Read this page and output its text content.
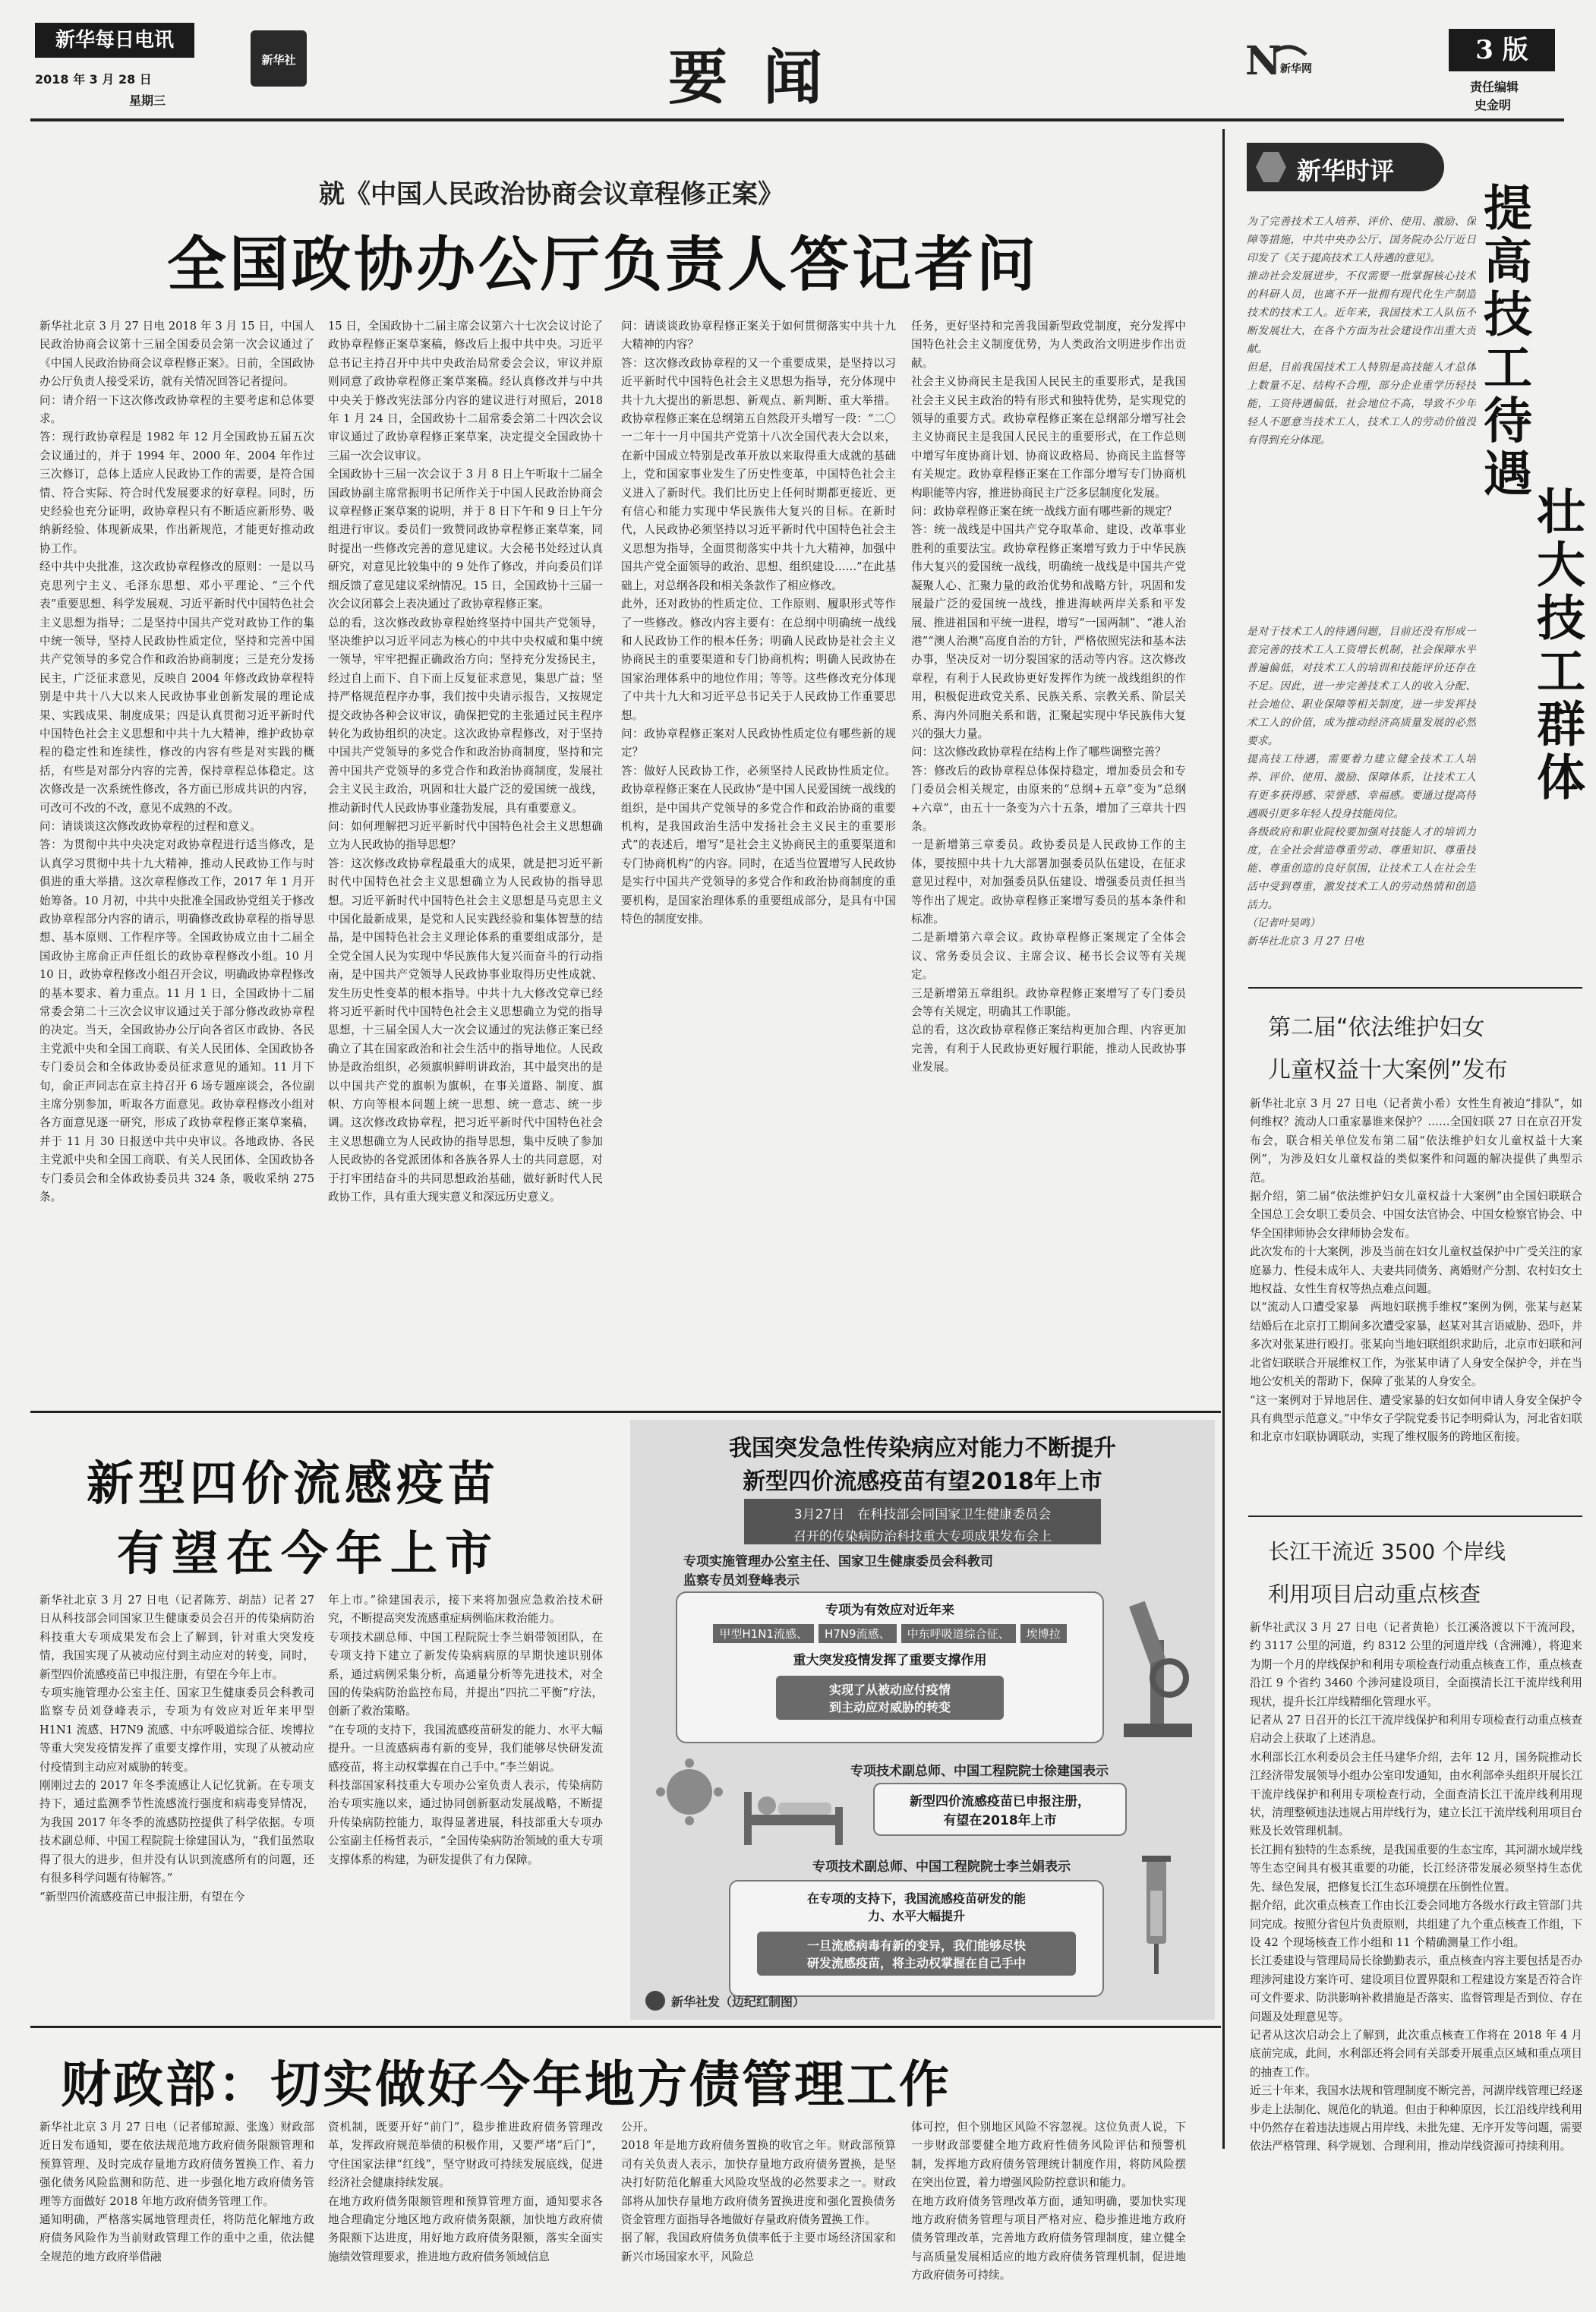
新华每日电讯
2018 年 3 月 28 日
星期三
新华社	要 闻	N
新华网
3 版
责任编辑
史金明
就《中国人民政治协商会议章程修正案》
全国政协办公厅负责人答记者问
新华社北京 3 月 27 日电 2018 年 3 月 15 日，中国人民政治协商会议第十三届全国委员会第一次会议通过了《中国人民政治协商会议章程修正案》。日前，全国政协办公厅负责人接受采访，就有关情况回答记者提问。
问：请介绍一下这次修改政协章程的主要考虑和总体要求。
答：现行政协章程是 1982 年 12 月全国政协五届五次会议通过的，并于 1994 年、2000 年、2004 年作过三次修订，总体上适应人民政协工作的需要，是符合国情、符合实际、符合时代发展要求的好章程。同时，历史经验也充分证明，政协章程只有不断适应新形势、吸纳新经验、体现新成果，作出新规范，才能更好推动政协工作。
经中共中央批准，这次政协章程修改的原则：一是以马克思列宁主义、毛泽东思想、邓小平理论、“三个代表”重要思想、科学发展观、习近平新时代中国特色社会主义思想为指导；二是坚持中国共产党对政协工作的集中统一领导，坚持人民政协性质定位，坚持和完善中国共产党领导的多党合作和政治协商制度；三是充分发扬民主，广泛征求意见，反映自 2004 年修改政协章程特别是中共十八大以来人民政协事业创新发展的理论成果、实践成果、制度成果；四是认真贯彻习近平新时代中国特色社会主义思想和中共十九大精神，维护政协章程的稳定性和连续性，修改的内容有些是对实践的概括，有些是对部分内容的完善，保持章程总体稳定。这次修改是一次系统性修改，各方面已形成共识的内容，可改可不改的不改，意见不成熟的不改。
问：请谈谈这次修改政协章程的过程和意义。
答：为贯彻中共中央决定对政协章程进行适当修改，是认真学习贯彻中共十九大精神，推动人民政协工作与时俱进的重大举措。这次章程修改工作，2017 年 1 月开始筹备。10 月初，中共中央批准全国政协党组关于修改政协章程部分内容的请示，明确修改政协章程的指导思想、基本原则、工作程序等。全国政协成立由十二届全国政协主席俞正声任组长的政协章程修改小组。10 月 10 日，政协章程修改小组召开会议，明确政协章程修改的基本要求、着力重点。11 月 1 日，全国政协十二届常委会第二十三次会议审议通过关于部分修改政协章程的决定。当天，全国政协办公厅向各省区市政协、各民主党派中央和全国工商联、有关人民团体、全国政协各专门委员会和全体政协委员征求意见的通知。11 月下旬，俞正声同志在京主持召开 6 场专题座谈会，各位副主席分别参加，听取各方面意见。政协章程修改小组对各方面意见逐一研究，形成了政协章程修正案草案稿，并于 11 月 30 日报送中共中央审议。各地政协、各民主党派中央和全国工商联、有关人民团体、全国政协各专门委员会和全体政协委员共 324 条，吸收采纳 275 条。
15 日，全国政协十二届主席会议第六十七次会议讨论了政协章程修正案草案稿，修改后上报中共中央。习近平总书记主持召开中共中央政治局常委会会议，审议并原则同意了政协章程修正案草案稿。经认真修改并与中共中央关于修改宪法部分内容的建议进行对照后，2018 年 1 月 24 日，全国政协十二届常委会第二十四次会议审议通过了政协章程修正案草案，决定提交全国政协十三届一次会议审议。
全国政协十三届一次会议于 3 月 8 日上午听取十二届全国政协副主席常振明书记所作关于中国人民政治协商会议章程修正案草案的说明，并于 8 日下午和 9 日上午分组进行审议。委员们一致赞同政协章程修正案草案，同时提出一些修改完善的意见建议。大会秘书处经过认真研究，对意见比较集中的 9 处作了修改，并向委员们详细反馈了意见建议采纳情况。15 日，全国政协十三届一次会议闭幕会上表决通过了政协章程修正案。
总的看，这次修改政协章程始终坚持中国共产党领导，坚决维护以习近平同志为核心的中共中央权威和集中统一领导，牢牢把握正确政治方向；坚持充分发扬民主，经过自上而下、自下而上反复征求意见，集思广益；坚持严格规范程序办事，我们按中央请示报告，又按规定提交政协各种会议审议，确保把党的主张通过民主程序转化为政协组织的决定。这次政协章程修改，对于坚持中国共产党领导的多党合作和政治协商制度，坚持和完善中国共产党领导的多党合作和政治协商制度，发展社会主义民主政治，巩固和壮大最广泛的爱国统一战线，推动新时代人民政协事业蓬勃发展，具有重要意义。
问：如何理解把习近平新时代中国特色社会主义思想确立为人民政协的指导思想？
答：这次修改政协章程最重大的成果，就是把习近平新时代中国特色社会主义思想确立为人民政协的指导思想。习近平新时代中国特色社会主义思想是马克思主义中国化最新成果，是党和人民实践经验和集体智慧的结晶，是中国特色社会主义理论体系的重要组成部分，是全党全国人民为实现中华民族伟大复兴而奋斗的行动指南，是中国共产党领导人民政协事业取得历史性成就、发生历史性变革的根本指导。中共十九大修改党章已经将习近平新时代中国特色社会主义思想确立为党的指导思想，十三届全国人大一次会议通过的宪法修正案已经确立了其在国家政治和社会生活中的指导地位。人民政协是政治组织，必须旗帜鲜明讲政治，其中最突出的是以中国共产党的旗帜为旗帜，在事关道路、制度、旗帜、方向等根本问题上统一思想、统一意志、统一步调。这次修改政协章程，把习近平新时代中国特色社会主义思想确立为人民政协的指导思想，集中反映了参加人民政协的各党派团体和各族各界人士的共同意愿，对于打牢团结奋斗的共同思想政治基础，做好新时代人民政协工作，具有重大现实意义和深远历史意义。
问：请谈谈政协章程修正案关于如何贯彻落实中共十九大精神的内容？
答：这次修改政协章程的又一个重要成果，是坚持以习近平新时代中国特色社会主义思想为指导，充分体现中共十九大提出的新思想、新观点、新判断、重大举措。政协章程修正案在总纲第五自然段开头增写一段：“二〇一二年十一月中国共产党第十八次全国代表大会以来，在新中国成立特别是改革开放以来取得重大成就的基础上，党和国家事业发生了历史性变革，中国特色社会主义进入了新时代。我们比历史上任何时期都更接近、更有信心和能力实现中华民族伟大复兴的目标。在新时代，人民政协必须坚持以习近平新时代中国特色社会主义思想为指导，全面贯彻落实中共十九大精神，加强中国共产党全面领导的政治、思想、组织建设……”在此基础上，对总纲各段和相关条款作了相应修改。
此外，还对政协的性质定位、工作原则、履职形式等作了一些修改。修改内容主要有：在总纲中明确统一战线和人民政协工作的根本任务；明确人民政协是社会主义协商民主的重要渠道和专门协商机构；明确人民政协在国家治理体系中的地位作用；等等。这些修改充分体现了中共十九大和习近平总书记关于人民政协工作重要思想。
问：政协章程修正案对人民政协性质定位有哪些新的规定？
答：做好人民政协工作，必须坚持人民政协性质定位。政协章程修正案在人民政协“是中国人民爱国统一战线的组织，是中国共产党领导的多党合作和政治协商的重要机构，是我国政治生活中发扬社会主义民主的重要形式”的表述后，增写“是社会主义协商民主的重要渠道和专门协商机构”的内容。同时，在适当位置增写人民政协是实行中国共产党领导的多党合作和政治协商制度的重要机构，是国家治理体系的重要组成部分，是具有中国特色的制度安排。
任务，更好坚持和完善我国新型政党制度，充分发挥中国特色社会主义制度优势，为人类政治文明进步作出贡献。
社会主义协商民主是我国人民民主的重要形式，是我国社会主义民主政治的特有形式和独特优势，是实现党的领导的重要方式。政协章程修正案在总纲部分增写社会主义协商民主是我国人民民主的重要形式，在工作总则中增写年度协商计划、协商议政格局、协商民主监督等有关规定。政协章程修正案在工作部分增写专门协商机构职能等内容，推进协商民主广泛多层制度化发展。
问：政协章程修正案在统一战线方面有哪些新的规定？
答：统一战线是中国共产党夺取革命、建设、改革事业胜利的重要法宝。政协章程修正案增写致力于中华民族伟大复兴的爱国统一战线，明确统一战线是中国共产党凝聚人心、汇聚力量的政治优势和战略方针，巩固和发展最广泛的爱国统一战线，推进海峡两岸关系和平发展、推进祖国和平统一进程，增写“一国两制”、“港人治港”“澳人治澳”高度自治的方针，严格依照宪法和基本法办事，坚决反对一切分裂国家的活动等内容。这次修改章程，有利于人民政协更好发挥作为统一战线组织的作用，积极促进政党关系、民族关系、宗教关系、阶层关系、海内外同胞关系和谐，汇聚起实现中华民族伟大复兴的强大力量。
问：这次修改政协章程在结构上作了哪些调整完善？
答：修改后的政协章程总体保持稳定，增加委员会和专门委员会相关规定，由原来的“总纲+五章”变为“总纲+六章”，由五十一条变为六十五条，增加了三章共十四条。
一是新增第三章委员。政协委员是人民政协工作的主体，要按照中共十九大部署加强委员队伍建设，在征求意见过程中，对加强委员队伍建设、增强委员责任担当等作出了规定。政协章程修正案增写委员的基本条件和标准。
二是新增第六章会议。政协章程修正案规定了全体会议、常务委员会议、主席会议、秘书长会议等有关规定。
三是新增第五章组织。政协章程修正案增写了专门委员会等有关规定，明确其工作职能。
总的看，这次政协章程修正案结构更加合理、内容更加完善，有利于人民政协更好履行职能，推动人民政协事业发展。
新华时评
提高技工待遇
壮大技工群体
为了完善技术工人培养、评价、使用、激励、保障等措施，中共中央办公厅、国务院办公厅近日印发了《关于提高技术工人待遇的意见》。
推动社会发展进步，不仅需要一批掌握核心技术的科研人员，也离不开一批拥有现代化生产制造技术的技术工人。近年来，我国技术工人队伍不断发展壮大，在各个方面为社会建设作出重大贡献。
但是，目前我国技术工人特别是高技能人才总体上数量不足、结构不合理，部分企业重学历轻技能，工资待遇偏低，社会地位不高，导致不少年轻人不愿意当技术工人，技术工人的劳动价值没有得到充分体现。
是对于技术工人的待遇问题，目前还没有形成一套完善的技术工人工资增长机制，社会保障水平普遍偏低，对技术工人的培训和技能评价还存在不足。因此，进一步完善技术工人的收入分配、社会地位、职业保障等相关制度，进一步发挥技术工人的价值，成为推动经济高质量发展的必然要求。
提高技工待遇，需要着力建立健全技术工人培养、评价、使用、激励、保障体系，让技术工人有更多获得感、荣誉感、幸福感。要通过提高待遇吸引更多年轻人投身技能岗位。
各级政府和职业院校要加强对技能人才的培训力度，在全社会营造尊重劳动、尊重知识、尊重技能、尊重创造的良好氛围，让技术工人在社会生活中受到尊重，激发技术工人的劳动热情和创造活力。
（记者叶昊鸣）
新华社北京 3 月 27 日电
第二届“依法维护妇女
儿童权益十大案例”发布
新华社北京 3 月 27 日电（记者黄小希）女性生育被迫“排队”，如何维权？流动人口重家暴谁来保护？……全国妇联 27 日在京召开发布会，联合相关单位发布第二届“依法维护妇女儿童权益十大案例”，为涉及妇女儿童权益的类似案件和问题的解决提供了典型示范。
据介绍，第二届“依法维护妇女儿童权益十大案例”由全国妇联联合全国总工会女职工委员会、中国女法官协会、中国女检察官协会、中华全国律师协会女律师协会发布。
此次发布的十大案例，涉及当前在妇女儿童权益保护中广受关注的家庭暴力、性侵未成年人、夫妻共同债务、离婚财产分割、农村妇女土地权益、女性生育权等热点难点问题。
以“流动人口遭受家暴　两地妇联携手维权”案例为例，张某与赵某结婚后在北京打工期间多次遭受家暴，赵某对其言语威胁、恐吓，并多次对张某进行殴打。张某向当地妇联组织求助后，北京市妇联和河北省妇联联合开展维权工作，为张某申请了人身安全保护令，并在当地公安机关的帮助下，保障了张某的人身安全。
“这一案例对于异地居住、遭受家暴的妇女如何申请人身安全保护令具有典型示范意义。”中华女子学院党委书记李明舜认为，河北省妇联和北京市妇联协调联动，实现了维权服务的跨地区衔接。
长江干流近 3500 个岸线
利用项目启动重点核查
新华社武汉 3 月 27 日电（记者黄艳）长江溪洛渡以下干流河段，约 3117 公里的河道，约 8312 公里的河道岸线（含洲滩），将迎来为期一个月的岸线保护和利用专项检查行动重点核查工作，重点核查沿江 9 个省约 3460 个涉河建设项目，全面摸清长江干流岸线利用现状，提升长江岸线精细化管理水平。
记者从 27 日召开的长江干流岸线保护和利用专项检查行动重点核查启动会上获取了上述消息。
水利部长江水利委员会主任马建华介绍，去年 12 月，国务院推动长江经济带发展领导小组办公室印发通知，由水利部牵头组织开展长江干流岸线保护和利用专项检查行动，全面查清长江干流岸线利用现状，清理整顿违法违规占用岸线行为，建立长江干流岸线利用项目台账及长效管理机制。
长江拥有独特的生态系统，是我国重要的生态宝库，其河湖水域岸线等生态空间具有极其重要的功能，长江经济带发展必须坚持生态优先、绿色发展，把修复长江生态环境摆在压倒性位置。
据介绍，此次重点核查工作由长江委会同地方各级水行政主管部门共同完成。按照分省包片负责原则，共组建了九个重点核查工作组，下设 42 个现场核查工作小组和 11 个精确测量工作小组。
长江委建设与管理局局长徐勤勤表示，重点核查内容主要包括是否办理涉河建设方案许可、建设项目位置界限和工程建设方案是否符合许可文件要求、防洪影响补救措施是否落实、监督管理是否到位、存在问题及处理意见等。
记者从这次启动会上了解到，此次重点核查工作将在 2018 年 4 月底前完成，此间，水利部还将会同有关部委开展重点区域和重点项目的抽查工作。
近三十年来，我国水法规和管理制度不断完善，河湖岸线管理已经逐步走上法制化、规范化的轨道。但由于种种原因，长江沿线岸线利用中仍然存在着违法违规占用岸线、未批先建、无序开发等问题，需要依法严格管理、科学规划、合理利用，推动岸线资源可持续利用。
新型四价流感疫苗
有望在今年上市
新华社北京 3 月 27 日电（记者陈芳、胡喆）记者 27 日从科技部会同国家卫生健康委员会召开的传染病防治科技重大专项成果发布会上了解到，针对重大突发疫情，我国实现了从被动应付到主动应对的转变，同时，新型四价流感疫苗已申报注册，有望在今年上市。
专项实施管理办公室主任、国家卫生健康委员会科教司监察专员刘登峰表示，专项为有效应对近年来甲型 H1N1 流感、H7N9 流感、中东呼吸道综合征、埃博拉等重大突发疫情发挥了重要支撑作用，实现了从被动应付疫情到主动应对威胁的转变。
刚刚过去的 2017 年冬季流感让人记忆犹新。在专项支持下，通过监测季节性流感流行强度和病毒变异情况，为我国 2017 年冬季的流感防控提供了科学依据。专项技术副总师、中国工程院院士徐建国认为，“我们虽然取得了很大的进步，但并没有认识到流感所有的问题，还有很多科学问题有待解答。”
“新型四价流感疫苗已申报注册，有望在今
年上市。”徐建国表示，接下来将加强应急救治技术研究，不断提高突发流感重症病例临床救治能力。
专项技术副总师、中国工程院院士李兰娟带领团队，在专项支持下建立了新发传染病病原的早期快速识别体系，通过病例采集分析，高通量分析等先进技术，对全国的传染病防治监控布局，并提出“四抗二平衡”疗法，创新了救治策略。
“在专项的支持下，我国流感疫苗研发的能力、水平大幅提升。一旦流感病毒有新的变异，我们能够尽快研发流感疫苗，将主动权掌握在自己手中。”李兰娟说。
科技部国家科技重大专项办公室负责人表示，传染病防治专项实施以来，通过协同创新驱动发展战略，不断提升传染病防控能力，取得显著进展，科技部重大专项办公室副主任杨哲表示，“全国传染病防治领域的重大专项支撑体系的构建，为研发提供了有力保障。
我国突发急性传染病应对能力不断提升
新型四价流感疫苗有望2018年上市
3月27日　在科技部会同国家卫生健康委员会
召开的传染病防治科技重大专项成果发布会上
专项实施管理办公室主任、国家卫生健康委员会科教司
监察专员刘登峰表示
专项为有效应对近年来
甲型H1N1流感、	H7N9流感、	中东呼吸道综合征、	埃博拉
重大突发疫情发挥了重要支撑作用
实现了从被动应付疫情
到主动应对威胁的转变
专项技术副总师、中国工程院院士徐建国表示
新型四价流感疫苗已申报注册，
有望在2018年上市
专项技术副总师、中国工程院院士李兰娟表示
在专项的支持下，我国流感疫苗研发的能
力、水平大幅提升
一旦流感病毒有新的变异，我们能够尽快
研发流感疫苗，将主动权掌握在自己手中
新华社发（边纪红制图）
财政部：切实做好今年地方债管理工作
新华社北京 3 月 27 日电（记者郁琼源、张逸）财政部近日发布通知，要在依法规范地方政府债务限额管理和预算管理、及时完成存量地方政府债务置换工作、着力强化债务风险监测和防范、进一步强化地方政府债务管理等方面做好 2018 年地方政府债务管理工作。
通知明确，严格落实属地管理责任，将防范化解地方政府债务风险作为当前财政管理工作的重中之重，依法健全规范的地方政府举借融
资机制，既要开好“前门”，稳步推进政府债务管理改革，发挥政府规范举债的积极作用，又要严堵“后门”，守住国家法律“红线”，坚守财政可持续发展底线，促进经济社会健康持续发展。
在地方政府债务限额管理和预算管理方面，通知要求各地合理确定分地区地方政府债务限额，加快地方政府债务限额下达进度，用好地方政府债务限额，落实全面实施绩效管理要求，推进地方政府债务领域信息
公开。
2018 年是地方政府债务置换的收官之年。财政部预算司有关负责人表示，加快存量地方政府债务置换，是坚决打好防范化解重大风险攻坚战的必然要求之一。财政部将从加快存量地方政府债务置换进度和强化置换债务资金管理方面指导各地做好存量政府债务置换工作。
据了解，我国政府债务负债率低于主要市场经济国家和新兴市场国家水平，风险总
体可控，但个别地区风险不容忽视。这位负责人说，下一步财政部要健全地方政府性债务风险评估和预警机制，发挥地方政府债务管理统计制度作用，将防风险摆在突出位置，着力增强风险防控意识和能力。
在地方政府债务管理改革方面，通知明确，要加快实现地方政府债务管理与项目严格对应、稳步推进地方政府债务管理改革，完善地方政府债务管理制度，建立健全与高质量发展相适应的地方政府债务管理机制，促进地方政府债务可持续。
